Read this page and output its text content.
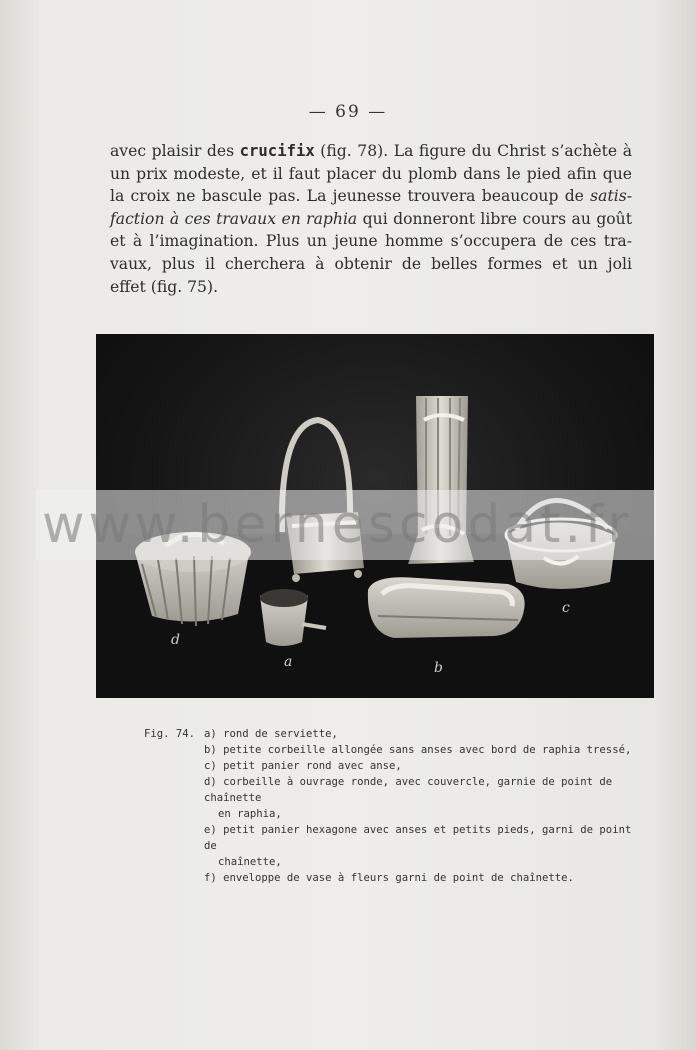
— 69 —
avec plaisir des crucifix (fig. 78). La figure du Christ s’achète à
un prix modeste, et il faut placer du plomb dans le pied afin que
la croix ne bascule pas. La jeunesse trouvera beaucoup de satis-
faction à ces travaux en raphia qui donneront libre cours au goût
et à l’imagination. Plus un jeune homme s’occupera de ces tra-
vaux, plus il cherchera à obtenir de belles formes et un joli
effet (fig. 75).
d
a	b
c
www.bernescodat.fr
Fig. 74. a) rond de serviette,
b) petite corbeille allongée sans anses avec bord de raphia tressé,
c) petit panier rond avec anse,
d) corbeille à ouvrage ronde, avec couvercle, garnie de point de chaînette
en raphia,
e) petit panier hexagone avec anses et petits pieds, garni de point de
chaînette,
f) enveloppe de vase à fleurs garni de point de chaînette.
